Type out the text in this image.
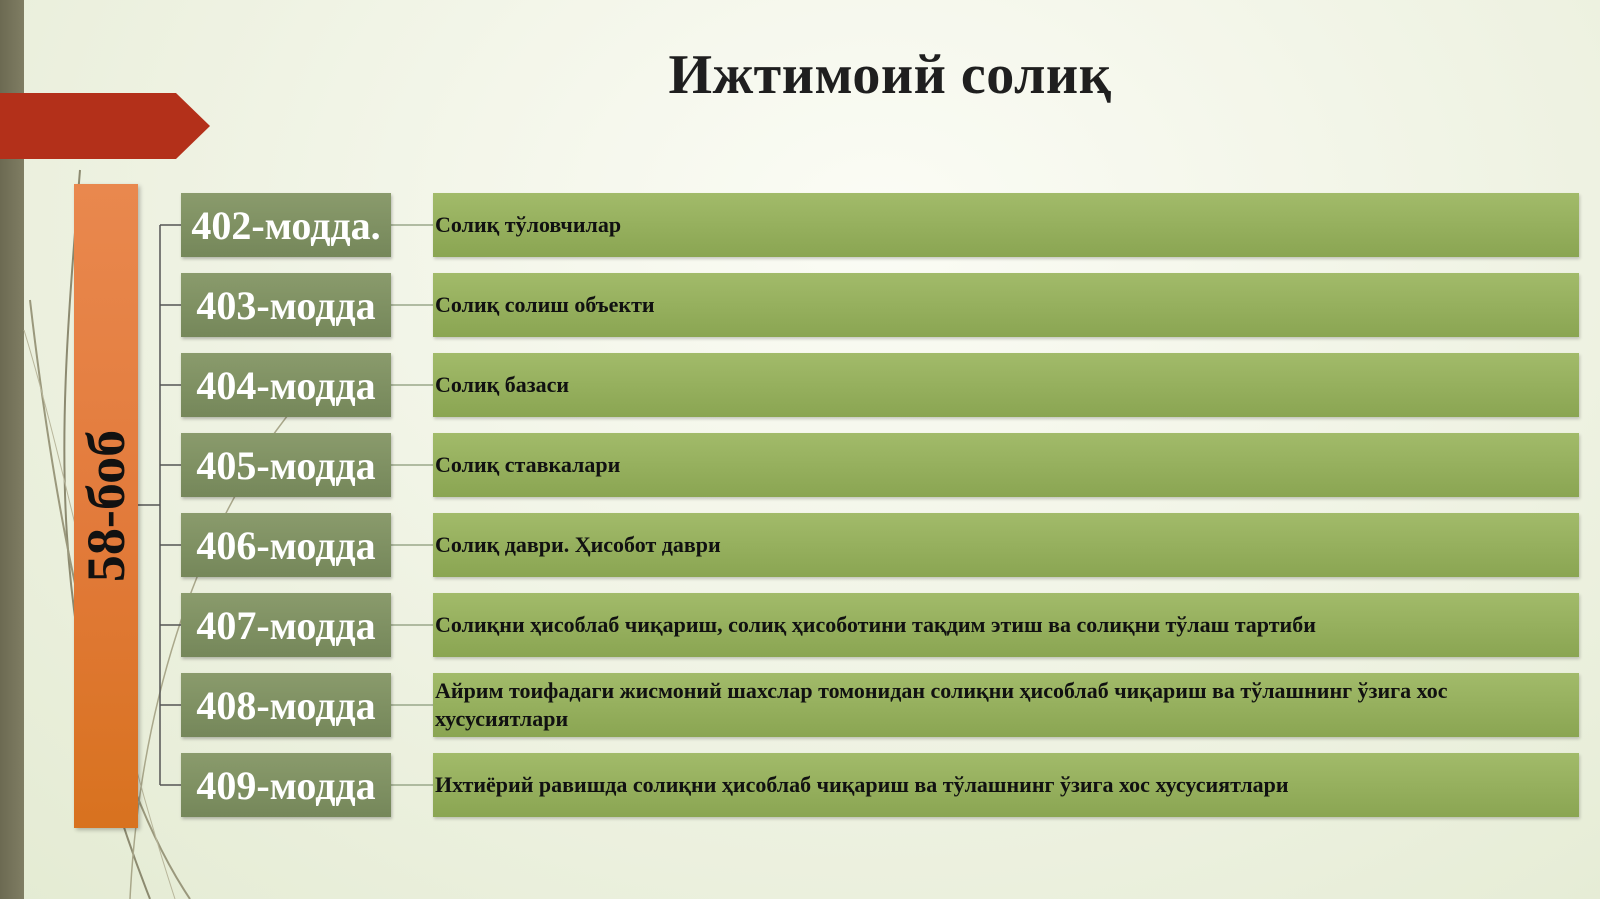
Ижтимоий солиқ
58-боб
402-модда.	Солиқ тўловчилар
403-модда	Солиқ солиш объекти
404-модда	Солиқ базаси
405-модда	Солиқ ставкалари
406-модда	Солиқ даври. Ҳисобот даври
407-модда	Солиқни ҳисоблаб чиқариш, солиқ ҳисоботини тақдим этиш ва солиқни тўлаш тартиби
408-модда	Айрим тоифадаги жисмоний шахслар томонидан солиқни ҳисоблаб чиқариш ва тўлашнинг ўзига хос хусусиятлари
409-модда	Ихтиёрий равишда солиқни ҳисоблаб чиқариш ва тўлашнинг ўзига хос хусусиятлари
